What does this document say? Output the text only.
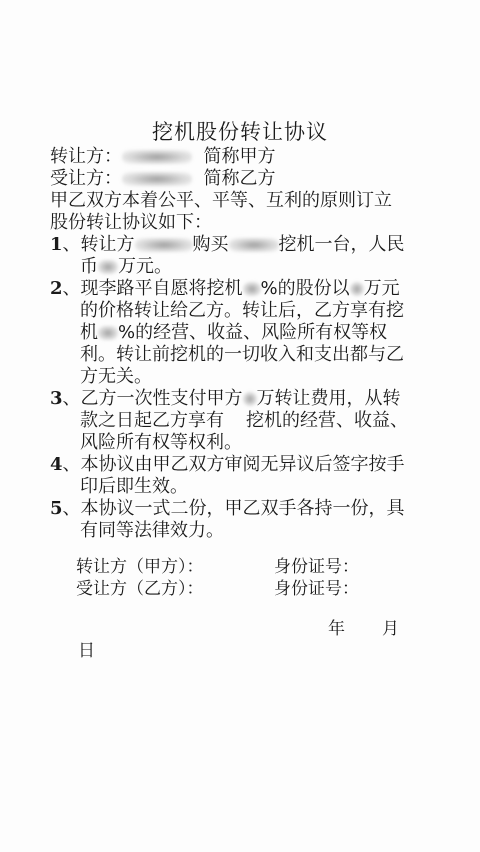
挖机股份转让协议
转让方：	简称甲方
受让方：	简称乙方
甲乙双方本着公平、平等、互利的原则订立
股份转让协议如下：
1、转让方	购买	挖机一台，人民
币 万元。
2、现李路平自愿将挖机 %的股份以 万元
的价格转让给乙方。转让后，乙方享有挖
机 %的经营、收益、风险所有权等权
利。转让前挖机的一切收入和支出都与乙
方无关。
3、乙方一次性支付甲方 万转让费用，从转
款之日起乙方享有 挖机的经营、收益、
风险所有权等权利。
4、本协议由甲乙双方审阅无异议后签字按手
印后即生效。
5、本协议一式二份，甲乙双手各持一份，具
有同等法律效力。
转让方（甲方）：	身份证号：
受让方（乙方）：	身份证号：
年 月
日
